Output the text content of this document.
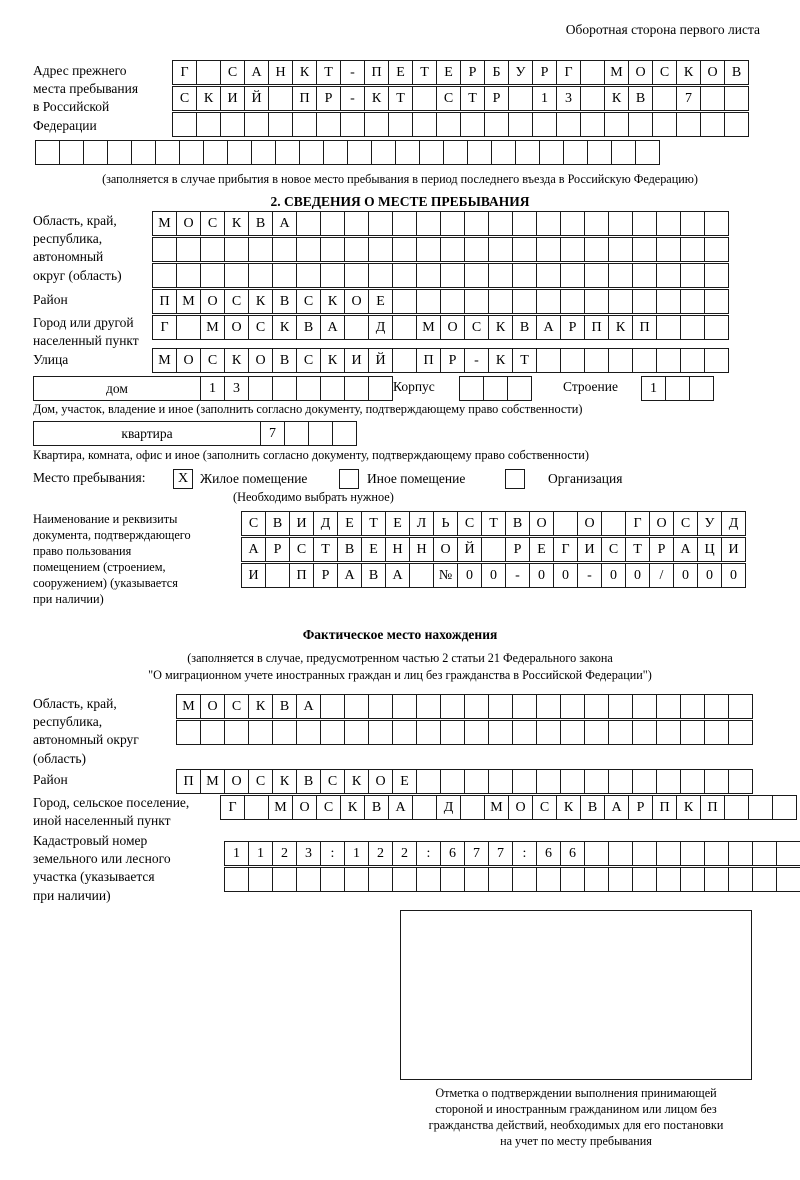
Оборотная сторона первого листа
Адрес прежнего
места пребывания
в Российской
Федерации
Г	С	А Н	К	Т	-	П	Е	Т	Е	Р	Б	У	Р	Г	М О	С	К	О	В
С	К	И Й	П	Р	-	К	Т	С	Т	Р	1	3	К	В	7
(заполняется в случае прибытия в новое место пребывания в период последнего въезда в Российскую Федерацию)
2. СВЕДЕНИЯ О МЕСТЕ ПРЕБЫВАНИЯ
Область, край,
республика,
автономный
округ (область)
М О	С	К	В	А
Район	П М О	С	К	В	С	К	О	Е
Город или другой
населенный пункт
Г	М О	С	К	В	А	Д	М О	С	К	В	А	Р	П	К	П
Улица	М О	С	К	О	В	С	К	И Й	П	Р	-	К	Т
дом	1	3	Корпус	Строение	1
Дом, участок, владение и иное (заполнить согласно документу, подтверждающему право собственности)
квартира	7
Квартира, комната, офис и иное (заполнить согласно документу, подтверждающему право собственности)
Место пребывания:	X Жилое помещение	Иное помещение	Организация
(Необходимо выбрать нужное)
Наименование и реквизиты
документа, подтверждающего
право пользования
помещением (строением,
сооружением) (указывается
при наличии)
С	В	И	Д	Е	Т	Е	Л	Ь	С	Т	В	О	О	Г	О	С	У	Д
А	Р	С	Т	В	Е	Н Н О Й	Р	Е	Г	И	С	Т	Р	А Ц И
И	П	Р	А	В	А	№ 0	0	-	0	0	-	0	0	/	0	0	0
Фактическое место нахождения
(заполняется в случае, предусмотренном частью 2 статьи 21 Федерального закона
"О миграционном учете иностранных граждан и лиц без гражданства в Российской Федерации")
Область, край,
республика,
автономный округ
(область)
М О	С	К	В	А
Район	П М О	С	К	В	С	К	О	Е
Город, сельское поселение,
иной населенный пункт
Г	М О	С	К	В	А	Д	М О	С	К	В	А	Р	П	К	П
Кадастровый номер
земельного или лесного
участка (указывается
при наличии)
1	1	2	3	:	1	2	2	:	6	7	7	:	6	6
Отметка о подтверждении выполнения принимающей
стороной и иностранным гражданином или лицом без
гражданства действий, необходимых для его постановки
на учет по месту пребывания
